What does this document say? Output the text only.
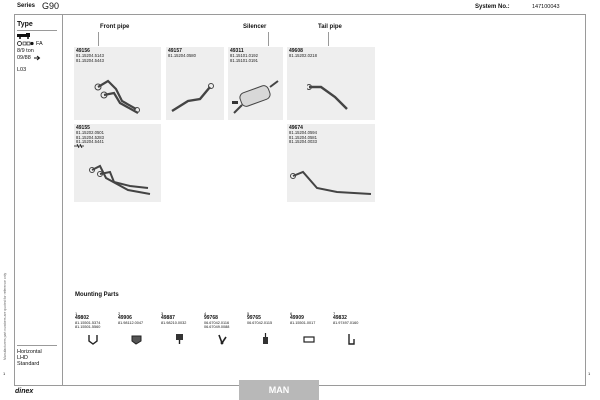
Series G90	System No.:	147100043
Manufacturers part numbers are quoted for reference only
Type
FA
8/9 ton
09/88
L03
Front pipe	Silencer	Tail pipe
49156
81.15204.5143
81.15204.5443
49157
81.15204.0580
49311
81.15101.0192
81.15101.0191
49608
81.15202.0218
49155
81.15202.0501
81.15204.5283
81.15204.5441
49674
81.15204.0594
81.15204.0581
81.15204.0033
Mounting Parts
1
49802
81.15501.5374
81.15501.5560
2
49906
81.98112.0047
3
49887
81.98210.0032
4
99768
06.67042.0116
06.67049.0088
5
99765
06.67042.0115
6
49909
81.15501.0017
7
49832
81.97497.0160
Horizontal
LHD
Standard
1	1
dinex	MAN
